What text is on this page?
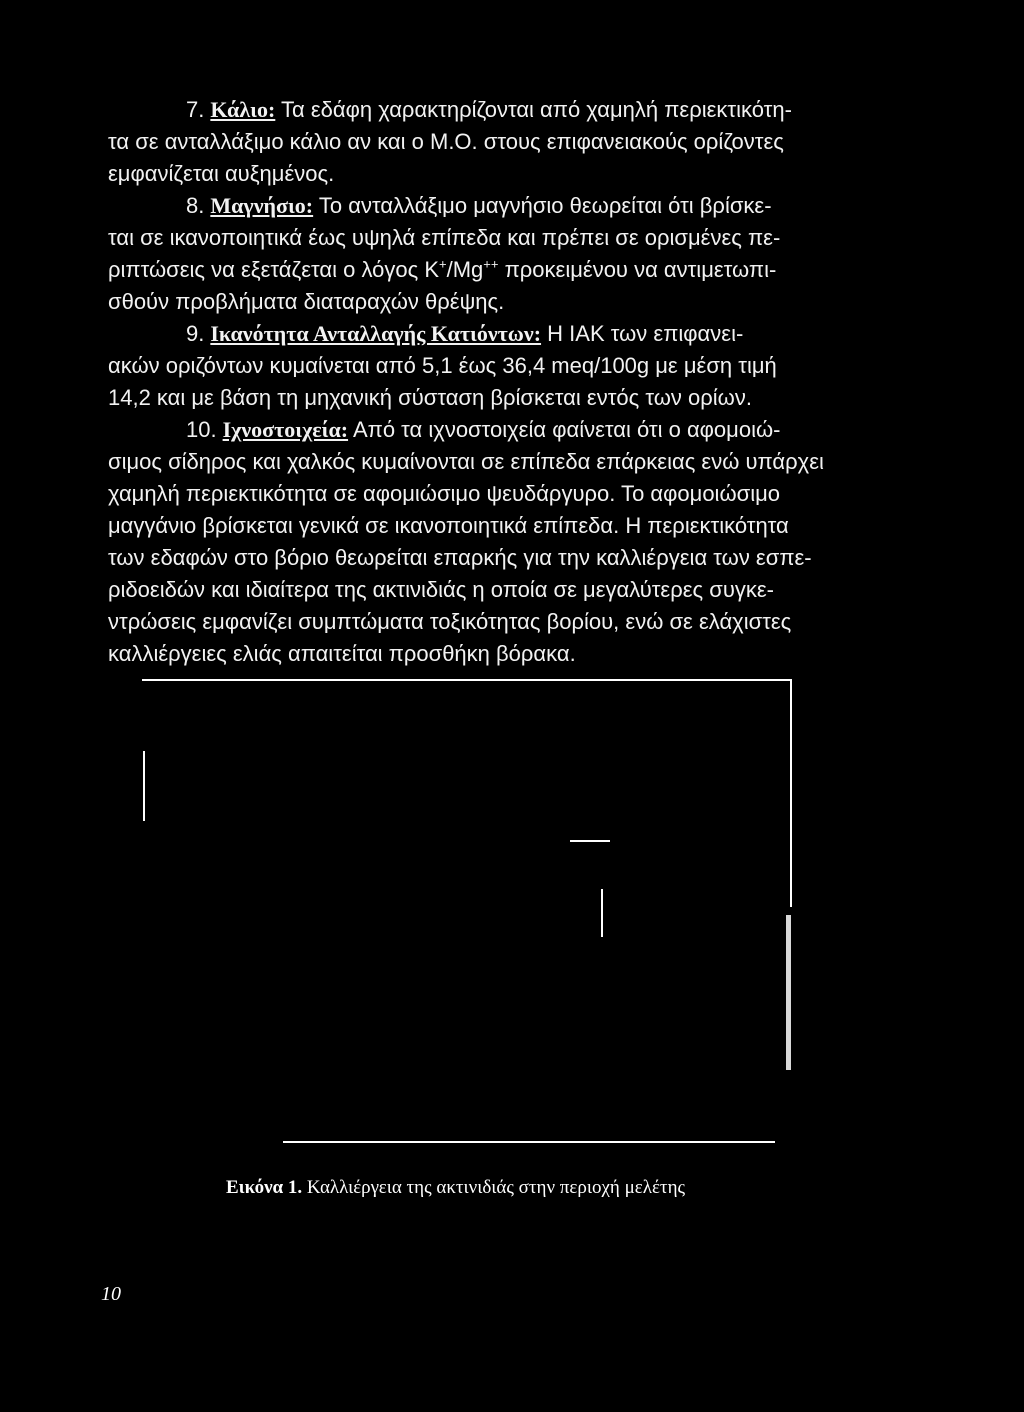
7. Κάλιο: Τα εδάφη χαρακτηρίζονται από χαμηλή περιεκτικότη-
τα σε ανταλλάξιμο κάλιο αν και ο Μ.Ο. στους επιφανειακούς ορίζοντες
εμφανίζεται αυξημένος.
8. Μαγνήσιο: Το ανταλλάξιμο μαγνήσιο θεωρείται ότι βρίσκε-
ται σε ικανοποιητικά έως υψηλά επίπεδα και πρέπει σε ορισμένες πε-
ριπτώσεις να εξετάζεται ο λόγος K+/Mg++ προκειμένου να αντιμετωπι-
σθούν προβλήματα διαταραχών θρέψης.
9. Ικανότητα Ανταλλαγής Κατιόντων: Η ΙΑΚ των επιφανει-
ακών οριζόντων κυμαίνεται από 5,1 έως 36,4 meq/100g με μέση τιμή
14,2 και με βάση τη μηχανική σύσταση βρίσκεται εντός των ορίων.
10. Ιχνοστοιχεία: Από τα ιχνοστοιχεία φαίνεται ότι ο αφομοιώ-
σιμος σίδηρος και χαλκός κυμαίνονται σε επίπεδα επάρκειας ενώ υπάρχει
χαμηλή περιεκτικότητα σε αφομιώσιμο ψευδάργυρο. Το αφομοιώσιμο
μαγγάνιο βρίσκεται γενικά σε ικανοποιητικά επίπεδα. Η περιεκτικότητα
των εδαφών στο βόριο θεωρείται επαρκής για την καλλιέργεια των εσπε-
ριδοειδών και ιδιαίτερα της ακτινιδιάς η οποία σε μεγαλύτερες συγκε-
ντρώσεις εμφανίζει συμπτώματα τοξικότητας βορίου, ενώ σε ελάχιστες
καλλιέργειες ελιάς απαιτείται προσθήκη βόρακα.
Εικόνα 1. Καλλιέργεια της ακτινιδιάς στην περιοχή μελέτης
10
